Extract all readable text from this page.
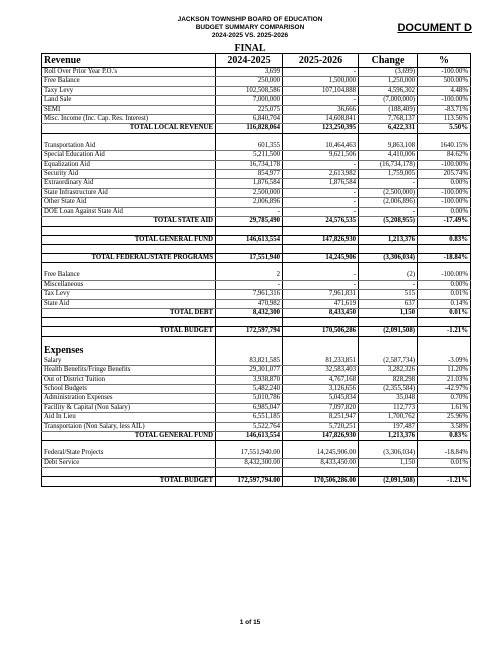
JACKSON TOWNSHIP BOARD OF EDUCATION
BUDGET SUMMARY COMPARISON
2024-2025 VS. 2025-2026
DOCUMENT D
FINAL
Revenue	2024-2025	2025-2026	Change	%
Roll Over Prior Year P.O.'s	3,699	-	(3,699)	-100.00%
Free Balance	250,000	1,500,000	1,250,000	500.00%
Taxy Levy	102,508,586	107,104,888	4,596,302	4.48%
Land Sale	7,000,000	-	(7,000,000)	-100.00%
SEMI	225,075	36,666	(188,409)	-83.71%
Misc. Income (Inc. Cap. Res. Interest)	6,840,704	14,608,841	7,768,137	113.56%
TOTAL LOCAL REVENUE	116,828,064	123,250,395	6,422,331	5.50%

Transportation Aid	601,355	10,464,463	9,863,108	1640.15%
Special Education Aid	5,211,500	9,621,506	4,410,006	84.62%
Equalization Aid	16,734,178	-	(16,734,178)	-100.00%
Security Aid	854,977	2,613,982	1,759,005	205.74%
Extraordinary Aid	1,876,584	1,876,584	-	0.00%
State Infrastructure Aid	2,500,000	-	(2,500,000)	-100.00%
Other State Aid	2,006,896	-	(2,006,896)	-100.00%
DOE Loan Against State Aid	-	-	-	0.00%
TOTAL STATE AID	29,785,490	24,576,535	(5,208,955)	-17.49%

TOTAL GENERAL FUND	146,613,554	147,826,930	1,213,376	0.83%

TOTAL FEDERAL/STATE PROGRAMS	17,551,940	14,245,906	(3,306,034)	-18.84%

Free Balance	2	-	(2)	-100.00%
Miscellaneous	-	-	-	0.00%
Tax Levy	7,961,316	7,961,831	515	0.01%
State Aid	470,982	471,619	637	0.14%
TOTAL DEBT	8,432,300	8,433,450	1,150	0.01%

TOTAL BUDGET	172,597,794	170,506,286	(2,091,508)	-1.21%

Expenses				
Salary	83,821,585	81,233,851	(2,587,734)	-3.09%
Health Benefits/Fringe Benefits	29,301,077	32,583,403	3,282,326	11.20%
Out of District Tuition	3,938,870	4,767,168	828,298	21.03%
School Budgets	5,482,240	3,126,656	(2,355,584)	-42.97%
Administration Expenses	5,010,786	5,045,834	35,048	0.70%
Facility & Capital (Non Salary)	6,985,047	7,097,820	112,773	1.61%
Aid In Lieu	6,551,185	8,251,947	1,700,762	25.96%
Transportaion (Non Salary, less AIL)	5,522,764	5,720,251	197,487	3.58%
TOTAL GENERAL FUND	146,613,554	147,826,930	1,213,376	0.83%

Federal/State Projects	17,551,940.00	14,245,906.00	(3,306,034)	-18.84%
Debt Service	8,432,300.00	8,433,450.00	1,150	0.01%

TOTAL BUDGET	172,597,794.00	170,506,286.00	(2,091,508)	-1.21%
1 of 15
